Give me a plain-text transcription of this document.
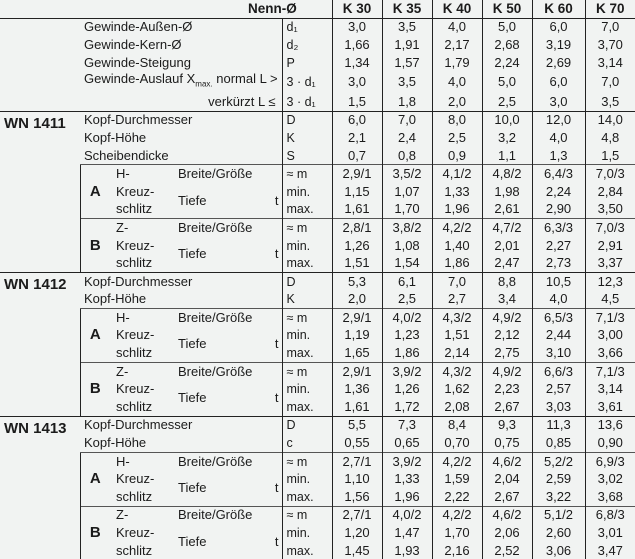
				Nenn-Ø		K 30	K 35	K 40	K 50	K 60	K 70
	Gewinde-Außen-Ø				d₁	3,0	3,5	4,0	5,0	6,0	7,0
	Gewinde-Kern-Ø				d₂	1,66	1,91	2,17	2,68	3,19	3,70
	Gewinde-Steigung				P	1,34	1,57	1,79	2,24	2,69	3,14
	Gewinde-Auslauf $X_{max.}$ normal L >				3 · d₁	3,0	3,5	4,0	5,0	6,0	7,0
	verkürzt L ≤				3 · d₁	1,5	1,8	2,0	2,5	3,0	3,5
WN 1411	Kopf-Durchmesser				D	6,0	7,0	8,0	10,0	12,0	14,0
	Kopf-Höhe				K	2,1	2,4	2,5	3,2	4,0	4,8
	Scheibendicke				S	0,7	0,8	0,9	1,1	1,3	1,5
	A	H-	Breite/Größe		≈ m	2,9/1	3,5/2	4,1/2	4,8/2	6,4/3	7,0/3
		Kreuz-	Tiefe	t	min.	1,15	1,07	1,33	1,98	2,24	2,84
		schlitz			max.	1,61	1,70	1,96	2,61	2,90	3,50
	B	Z-	Breite/Größe		≈ m	2,8/1	3,8/2	4,2/2	4,7/2	6,3/3	7,0/3
		Kreuz-	Tiefe	t	min.	1,26	1,08	1,40	2,01	2,27	2,91
		schlitz			max.	1,51	1,54	1,86	2,47	2,73	3,37
WN 1412	Kopf-Durchmesser				D	5,3	6,1	7,0	8,8	10,5	12,3
	Kopf-Höhe				K	2,0	2,5	2,7	3,4	4,0	4,5
	A	H-	Breite/Größe		≈ m	2,9/1	4,0/2	4,3/2	4,9/2	6,5/3	7,1/3
		Kreuz-	Tiefe	t	min.	1,19	1,23	1,51	2,12	2,44	3,00
		schlitz			max.	1,65	1,86	2,14	2,75	3,10	3,66
	B	Z-	Breite/Größe		≈ m	2,9/1	3,9/2	4,3/2	4,9/2	6,6/3	7,1/3
		Kreuz-	Tiefe	t	min.	1,36	1,26	1,62	2,23	2,57	3,14
		schlitz			max.	1,61	1,72	2,08	2,67	3,03	3,61
WN 1413	Kopf-Durchmesser				D	5,5	7,3	8,4	9,3	11,3	13,6
	Kopf-Höhe				c	0,55	0,65	0,70	0,75	0,85	0,90
	A	H-	Breite/Größe		≈ m	2,7/1	3,9/2	4,2/2	4,6/2	5,2/2	6,9/3
		Kreuz-	Tiefe	t	min.	1,10	1,33	1,59	2,04	2,59	3,02
		schlitz			max.	1,56	1,96	2,22	2,67	3,22	3,68
	B	Z-	Breite/Größe		≈ m	2,7/1	4,0/2	4,2/2	4,6/2	5,1/2	6,8/3
		Kreuz-	Tiefe	t	min.	1,20	1,47	1,70	2,06	2,60	3,01
		schlitz			max.	1,45	1,93	2,16	2,52	3,06	3,47
